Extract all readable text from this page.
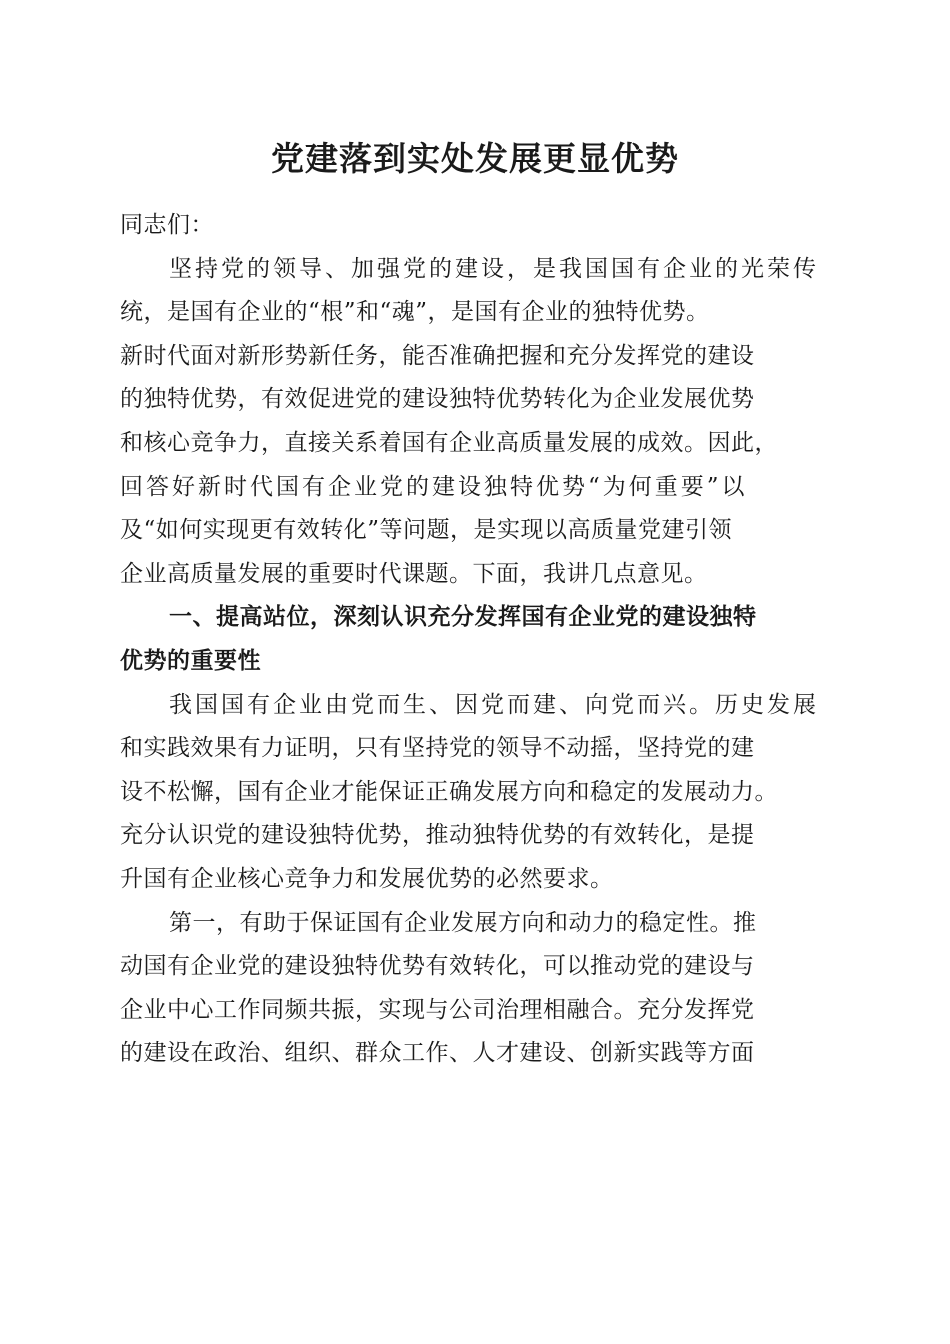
党建落到实处发展更显优势
同志们：
坚持党的领导、加强党的建设，是我国国有企业的光荣传
统，是国有企业的“根”和“魂”，是国有企业的独特优势。
新时代面对新形势新任务，能否准确把握和充分发挥党的建设
的独特优势，有效促进党的建设独特优势转化为企业发展优势
和核心竞争力，直接关系着国有企业高质量发展的成效。因此，
回答好新时代国有企业党的建设独特优势“为何重要”以
及“如何实现更有效转化”等问题，是实现以高质量党建引领
企业高质量发展的重要时代课题。下面，我讲几点意见。
一、提高站位，深刻认识充分发挥国有企业党的建设独特
优势的重要性
我国国有企业由党而生、因党而建、向党而兴。历史发展
和实践效果有力证明，只有坚持党的领导不动摇，坚持党的建
设不松懈，国有企业才能保证正确发展方向和稳定的发展动力。
充分认识党的建设独特优势，推动独特优势的有效转化，是提
升国有企业核心竞争力和发展优势的必然要求。
第一，有助于保证国有企业发展方向和动力的稳定性。推
动国有企业党的建设独特优势有效转化，可以推动党的建设与
企业中心工作同频共振，实现与公司治理相融合。充分发挥党
的建设在政治、组织、群众工作、人才建设、创新实践等方面
